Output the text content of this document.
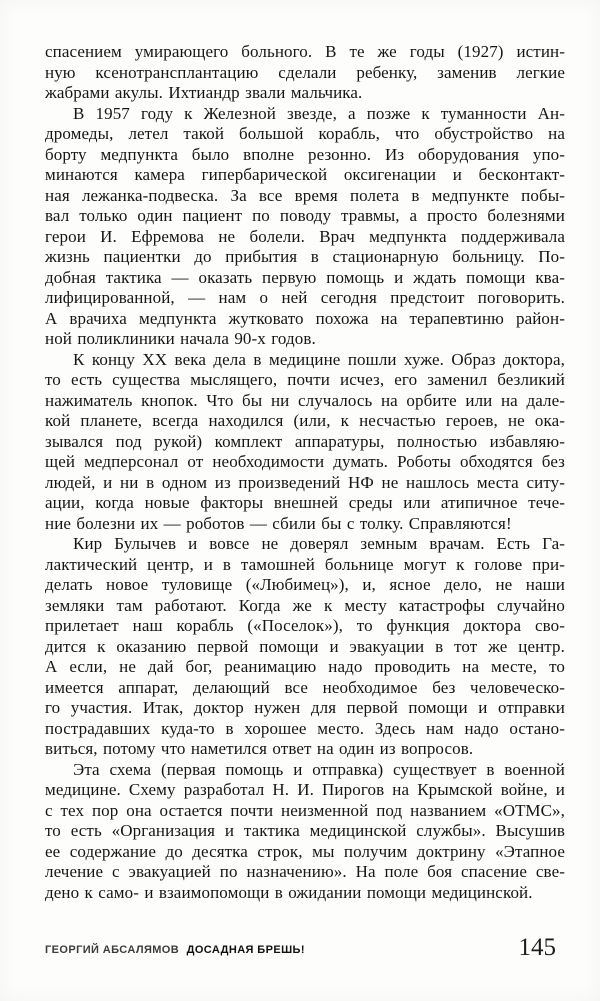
спасением умирающего больного. В те же годы (1927) истин-
ную ксенотрансплантацию сделали ребенку, заменив легкие
жабрами акулы. Ихтиандр звали мальчика.
В 1957 году к Железной звезде, а позже к туманности Ан-
дромеды, летел такой большой корабль, что обустройство на
борту медпункта было вполне резонно. Из оборудования упо-
минаются камера гипербарической оксигенации и бесконтакт-
ная лежанка-подвеска. За все время полета в медпункте побы-
вал только один пациент по поводу травмы, а просто болезнями
герои И. Ефремова не болели. Врач медпункта поддерживала
жизнь пациентки до прибытия в стационарную больницу. По-
добная тактика — оказать первую помощь и ждать помощи ква-
лифицированной, — нам о ней сегодня предстоит поговорить.
А врачиха медпункта жутковато похожа на терапевтиню район-
ной поликлиники начала 90-х годов.
К концу XX века дела в медицине пошли хуже. Образ доктора,
то есть существа мыслящего, почти исчез, его заменил безликий
нажиматель кнопок. Что бы ни случалось на орбите или на дале-
кой планете, всегда находился (или, к несчастью героев, не ока-
зывался под рукой) комплект аппаратуры, полностью избавляю-
щей медперсонал от необходимости думать. Роботы обходятся без
людей, и ни в одном из произведений НФ не нашлось места ситу-
ации, когда новые факторы внешней среды или атипичное тече-
ние болезни их — роботов — сбили бы с толку. Справляются!
Кир Булычев и вовсе не доверял земным врачам. Есть Га-
лактический центр, и в тамошней больнице могут к голове при-
делать новое туловище («Любимец»), и, ясное дело, не наши
земляки там работают. Когда же к месту катастрофы случайно
прилетает наш корабль («Поселок»), то функция доктора сво-
дится к оказанию первой помощи и эвакуации в тот же центр.
А если, не дай бог, реанимацию надо проводить на месте, то
имеется аппарат, делающий все необходимое без человеческо-
го участия. Итак, доктор нужен для первой помощи и отправки
пострадавших куда-то в хорошее место. Здесь нам надо остано-
виться, потому что наметился ответ на один из вопросов.
Эта схема (первая помощь и отправка) существует в военной
медицине. Схему разработал Н. И. Пирогов на Крымской войне, и
с тех пор она остается почти неизменной под названием «ОТМС»,
то есть «Организация и тактика медицинской службы». Высушив
ее содержание до десятка строк, мы получим доктрину «Этапное
лечение с эвакуацией по назначению». На поле боя спасение све-
дено к само- и взаимопомощи в ожидании помощи медицинской.
ГЕОРГИЙ АБСАЛЯМОВ ДОСАДНАЯ БРЕШЬ!	145
